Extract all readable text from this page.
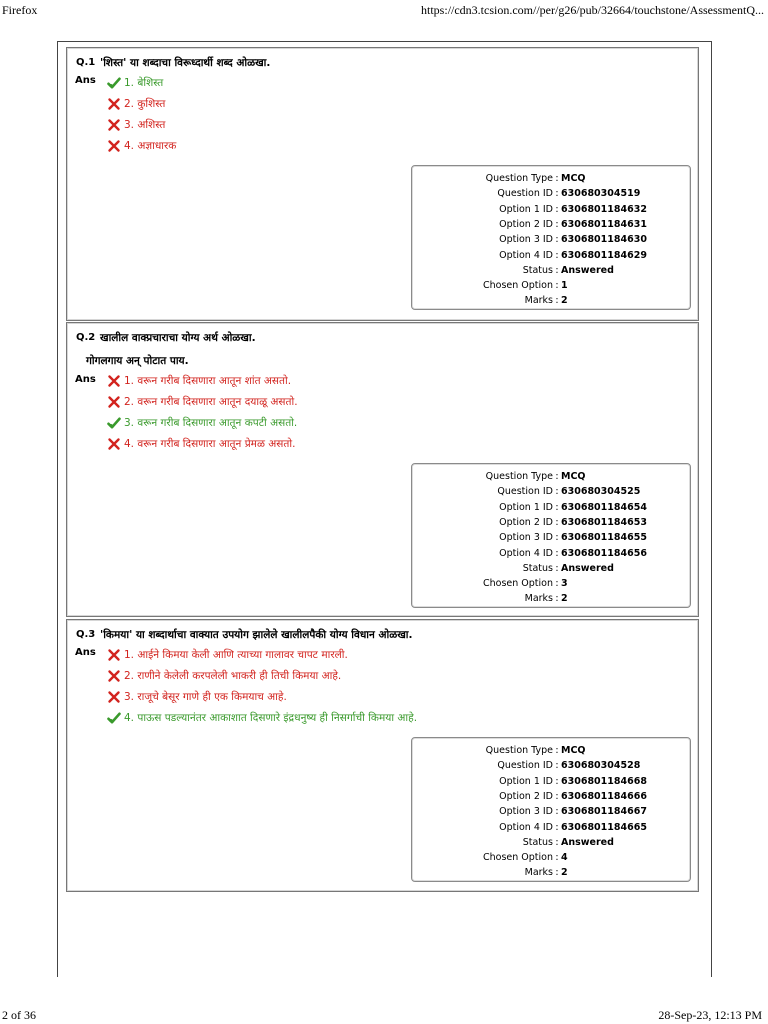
Firefox	https://cdn3.tcsion.com//per/g26/pub/32664/touchstone/AssessmentQ...
Q.1 'शिस्त' या शब्दाचा विरूध्दार्थी शब्द ओळखा.
Ans	1. बेशिस्त
2. कुशिस्त
3. अशिस्त
4. अज्ञाधारक
Question Type : MCQ
Question ID : 630680304519
Option 1 ID : 6306801184632
Option 2 ID : 6306801184631
Option 3 ID : 6306801184630
Option 4 ID : 6306801184629
Status : Answered
Chosen Option : 1
Marks : 2
Q.2 खालील वाक्प्रचाराचा योग्य अर्थ ओळखा.
गोगलगाय अन् पोटात पाय.
Ans	1. वरून गरीब दिसणारा आतून शांत असतो.
2. वरून गरीब दिसणारा आतून दयाळू असतो.
3. वरून गरीब दिसणारा आतून कपटी असतो.
4. वरून गरीब दिसणारा आतून प्रेमळ असतो.
Question Type : MCQ
Question ID : 630680304525
Option 1 ID : 6306801184654
Option 2 ID : 6306801184653
Option 3 ID : 6306801184655
Option 4 ID : 6306801184656
Status : Answered
Chosen Option : 3
Marks : 2
Q.3 'किमया' या शब्दार्थाचा वाक्यात उपयोग झालेले खालीलपैकी योग्य विधान ओळखा.
Ans	1. आईने किमया केली आणि त्याच्या गालावर चापट मारली.
2. राणीने केलेली करपलेली भाकरी ही तिची किमया आहे.
3. राजूचे बेसूर गाणे ही एक किमयाच आहे.
4. पाऊस पडल्यानंतर आकाशात दिसणारे इंद्रधनुष्य ही निसर्गाची किमया आहे.
Question Type : MCQ
Question ID : 630680304528
Option 1 ID : 6306801184668
Option 2 ID : 6306801184666
Option 3 ID : 6306801184667
Option 4 ID : 6306801184665
Status : Answered
Chosen Option : 4
Marks : 2
2 of 36	28-Sep-23, 12:13 PM
